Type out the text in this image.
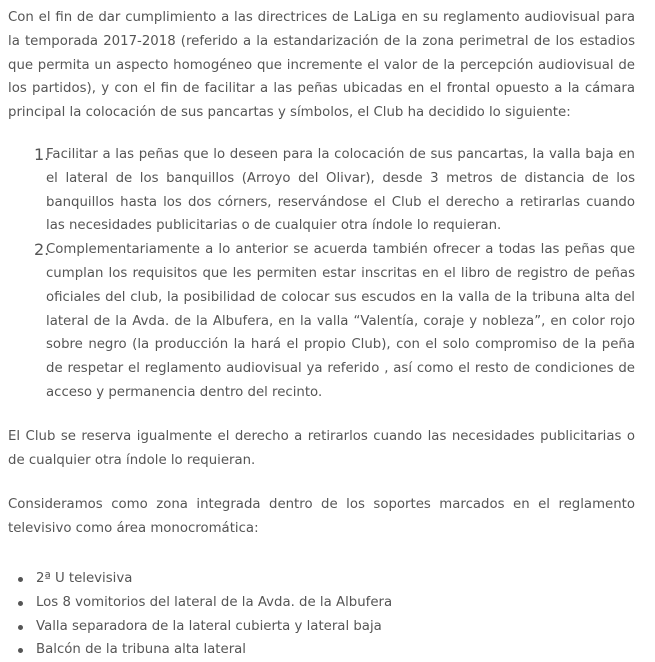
Con el fin de dar cumplimiento a las directrices de LaLiga en su reglamento audiovisual para la temporada 2017-2018 (referido a la estandarización de la zona perimetral de los estadios que permita un aspecto homogéneo que incremente el valor de la percepción audiovisual de los partidos), y con el fin de facilitar a las peñas ubicadas en el frontal opuesto a la cámara principal la colocación de sus pancartas y símbolos, el Club ha decidido lo siguiente:

1.
Facilitar a las peñas que lo deseen para la colocación de sus pancartas, la valla baja en el lateral de los banquillos (Arroyo del Olivar), desde 3 metros de distancia de los banquillos hasta los dos córners, reservándose el Club el derecho a retirarlas cuando las necesidades publicitarias o de cualquier otra índole lo requieran.
2.
Complementariamente a lo anterior se acuerda también ofrecer a todas las peñas que cumplan los requisitos que les permiten estar inscritas en el libro de registro de peñas oficiales del club, la posibilidad de colocar sus escudos en la valla de la tribuna alta del lateral de la Avda. de la Albufera, en la valla “Valentía, coraje y nobleza”, en color rojo sobre negro (la producción la hará el propio Club), con el solo compromiso de la peña de respetar el reglamento audiovisual ya referido , así como el resto de condiciones de acceso y permanencia dentro del recinto.

El Club se reserva igualmente el derecho a retirarlos cuando las necesidades publicitarias o de cualquier otra índole lo requieran.

Consideramos como zona integrada dentro de los soportes marcados en el reglamento televisivo como área monocromática:

2ª U televisiva
Los 8 vomitorios del lateral de la Avda. de la Albufera
Valla separadora de la lateral cubierta y lateral baja
Balcón de la tribuna alta lateral
